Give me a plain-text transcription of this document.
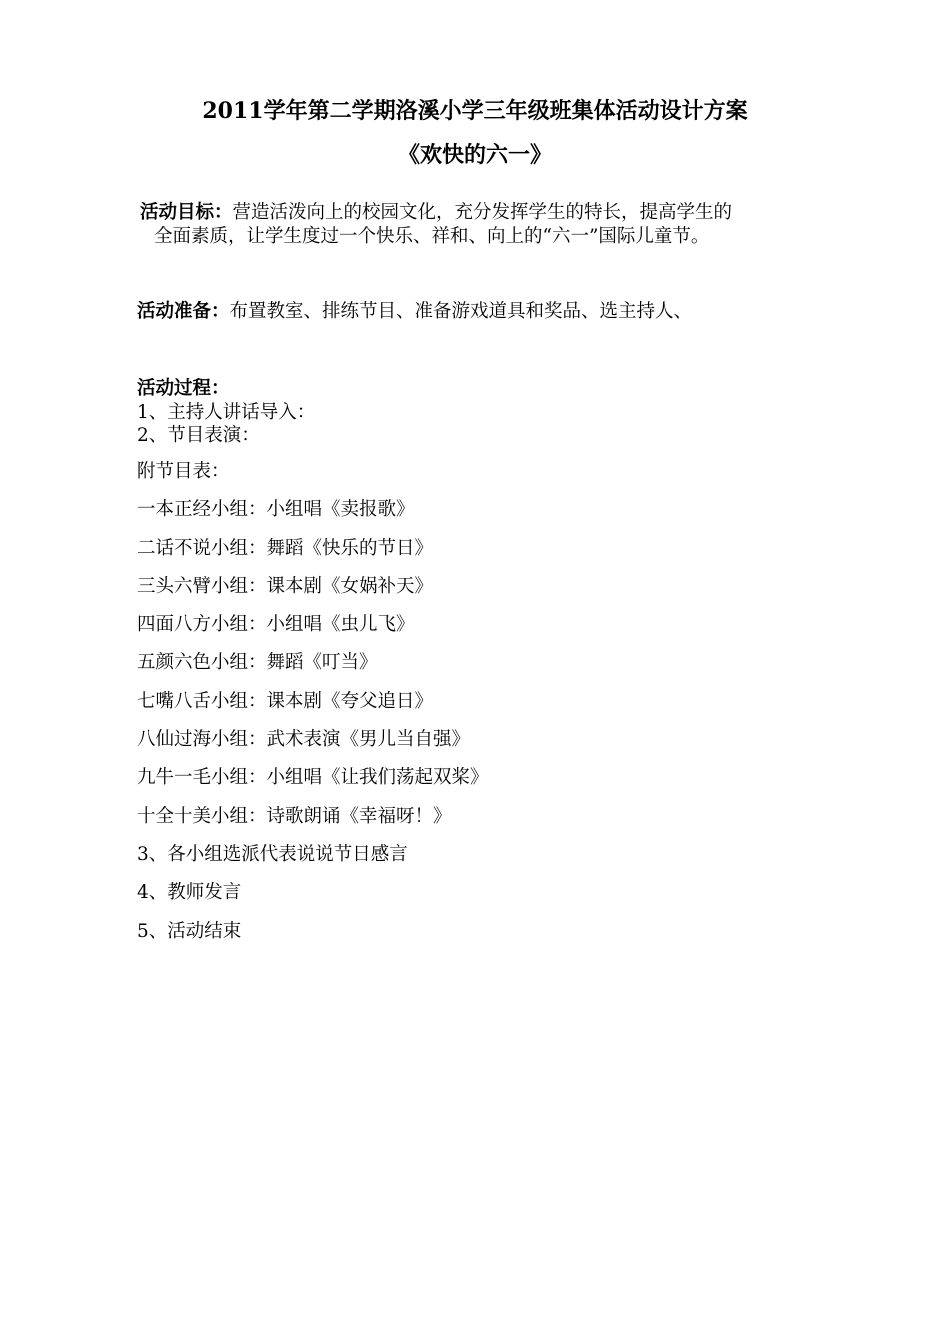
2011学年第二学期洛溪小学三年级班集体活动设计方案
《欢快的六一》
活动目标：营造活泼向上的校园文化，充分发挥学生的特长，提高学生的
全面素质，让学生度过一个快乐、祥和、向上的“六一”国际儿童节。
活动准备：布置教室、排练节目、准备游戏道具和奖品、选主持人、
活动过程：
1、主持人讲话导入：
2、节目表演：
附节目表：
一本正经小组：小组唱《卖报歌》
二话不说小组：舞蹈《快乐的节日》
三头六臂小组：课本剧《女娲补天》
四面八方小组：小组唱《虫儿飞》
五颜六色小组：舞蹈《叮当》
七嘴八舌小组：课本剧《夸父追日》
八仙过海小组：武术表演《男儿当自强》
九牛一毛小组：小组唱《让我们荡起双桨》
十全十美小组：诗歌朗诵《幸福呀！》
3、各小组选派代表说说节日感言
4、教师发言
5、活动结束
